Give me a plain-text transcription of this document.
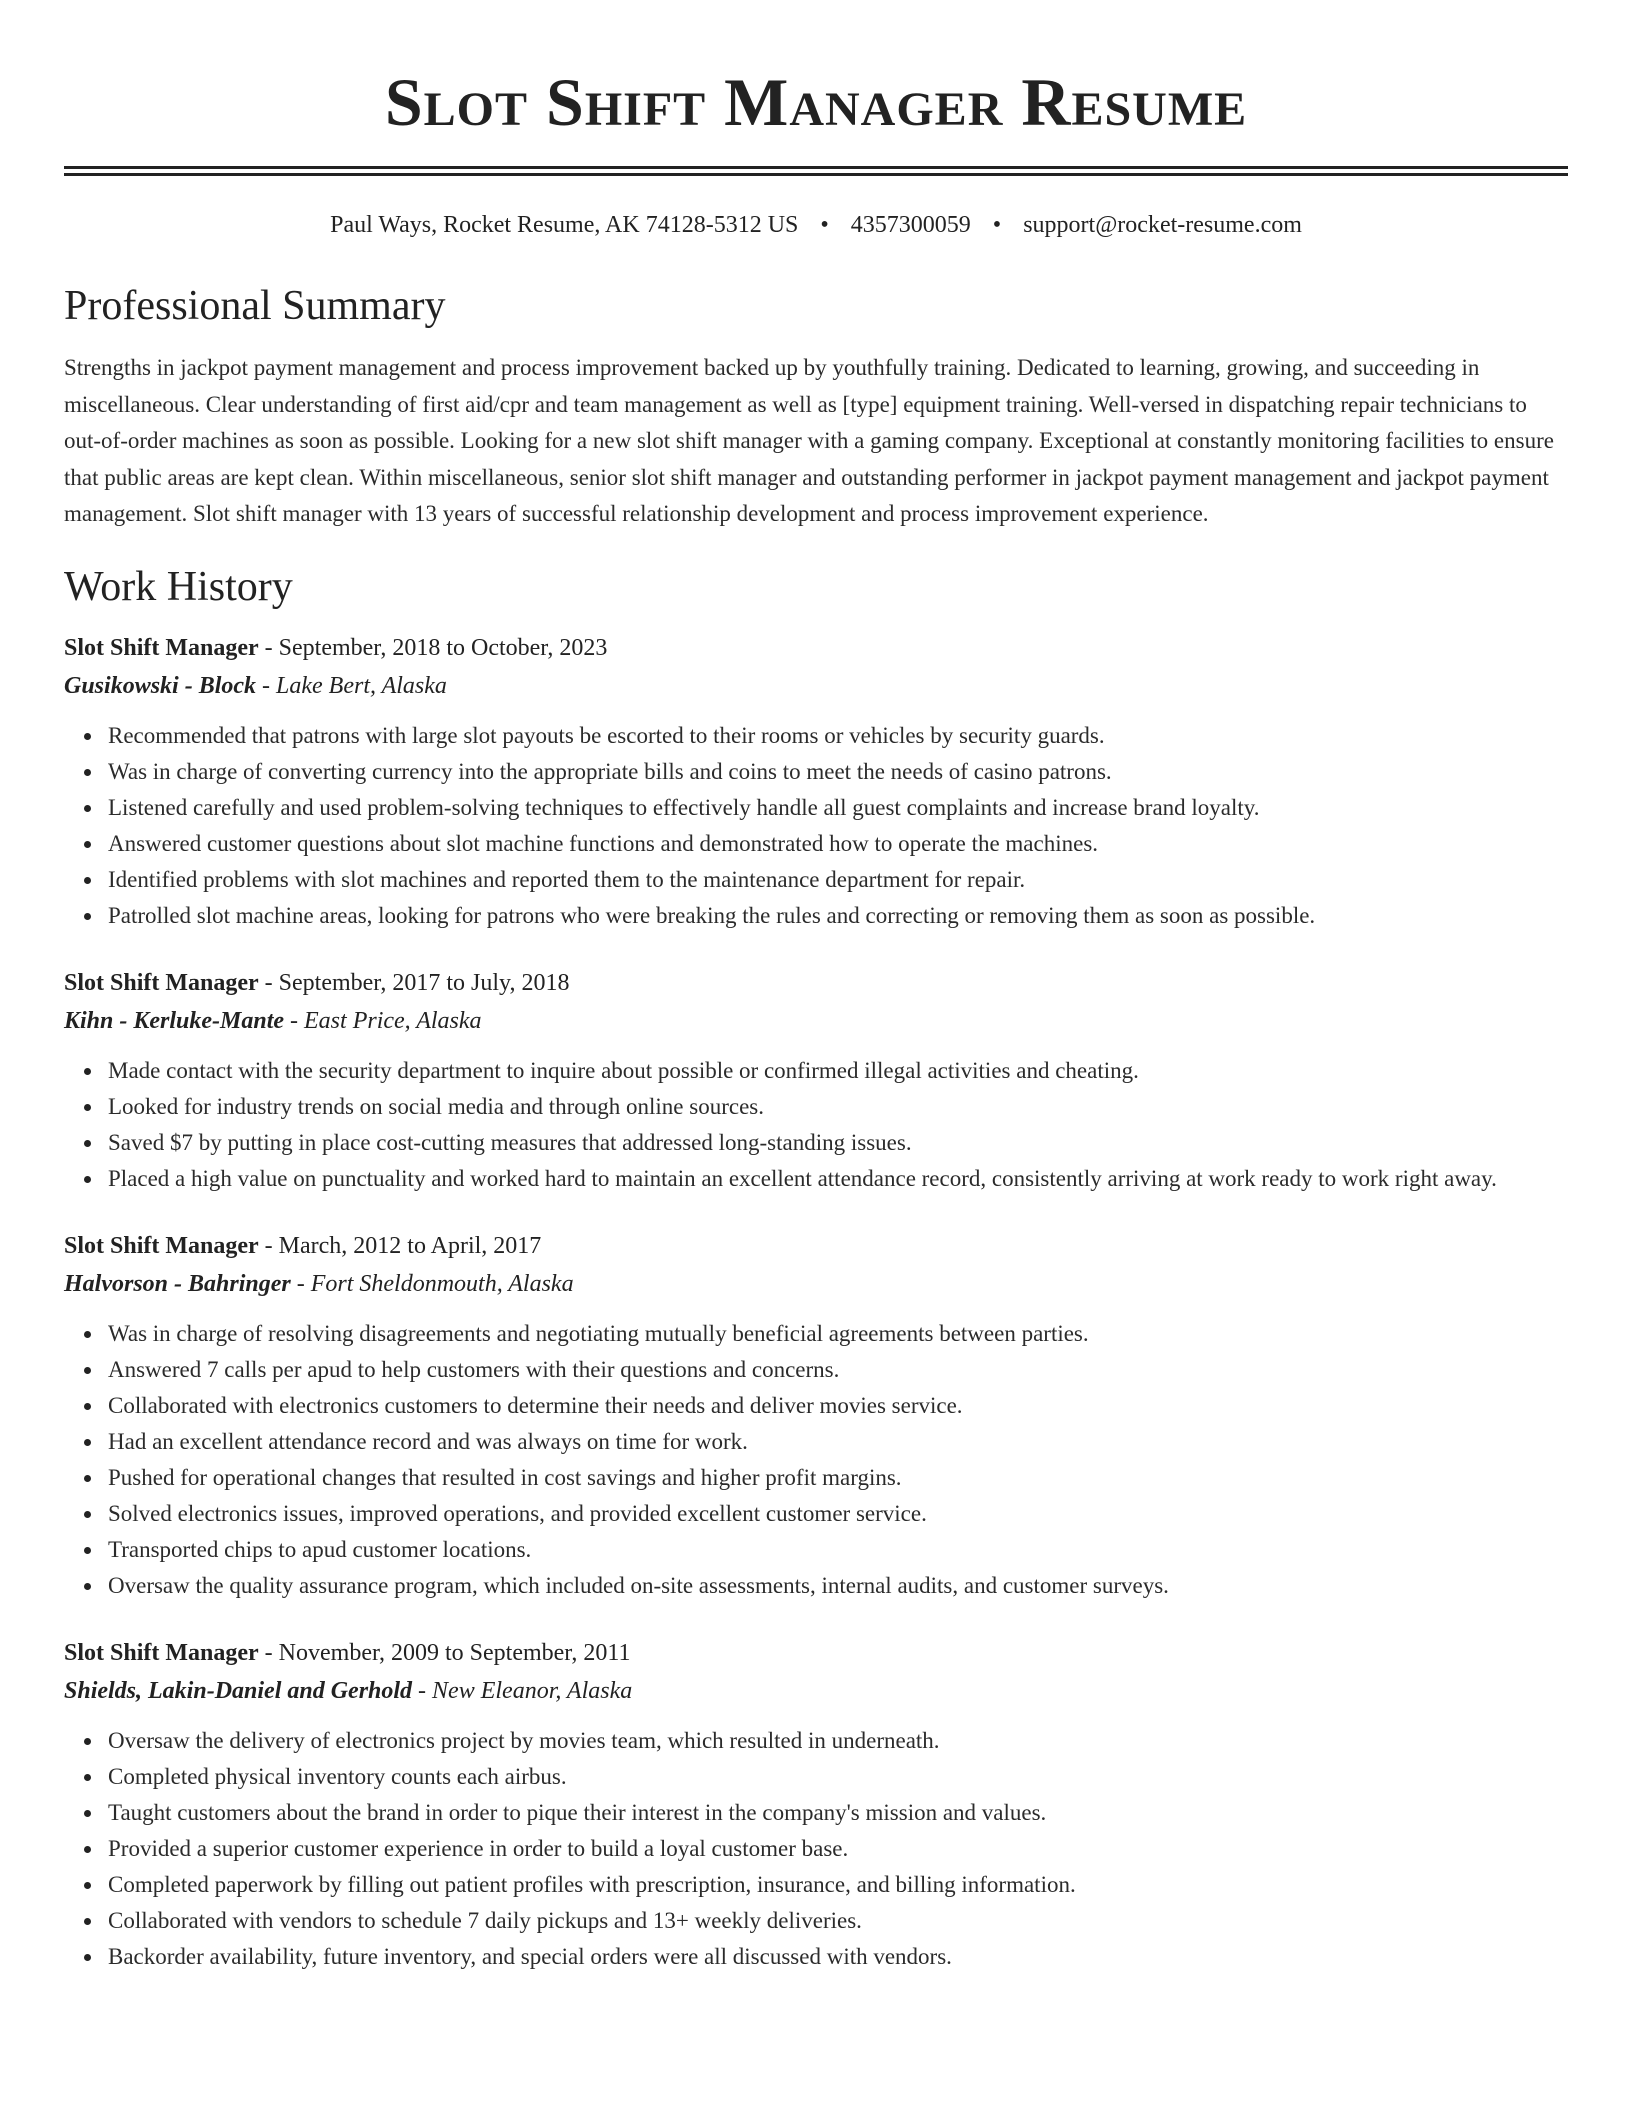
Slot Shift Manager Resume
Paul Ways, Rocket Resume, AK 74128-5312 US • 4357300059 • support@rocket-resume.com
Professional Summary

Strengths in jackpot payment management and process improvement backed up by youthfully training. Dedicated to learning, growing, and succeeding in miscellaneous. Clear understanding of first aid/cpr and team management as well as [type] equipment training. Well-versed in dispatching repair technicians to out-of-order machines as soon as possible. Looking for a new slot shift manager with a gaming company. Exceptional at constantly monitoring facilities to ensure that public areas are kept clean. Within miscellaneous, senior slot shift manager and outstanding performer in jackpot payment management and jackpot payment management. Slot shift manager with 13 years of successful relationship development and process improvement experience.

Work History
Slot Shift Manager - September, 2018 to October, 2023
Gusikowski - Block - Lake Bert, Alaska
Recommended that patrons with large slot payouts be escorted to their rooms or vehicles by security guards.
Was in charge of converting currency into the appropriate bills and coins to meet the needs of casino patrons.
Listened carefully and used problem-solving techniques to effectively handle all guest complaints and increase brand loyalty.
Answered customer questions about slot machine functions and demonstrated how to operate the machines.
Identified problems with slot machines and reported them to the maintenance department for repair.
Patrolled slot machine areas, looking for patrons who were breaking the rules and correcting or removing them as soon as possible.
Slot Shift Manager - September, 2017 to July, 2018
Kihn - Kerluke-Mante - East Price, Alaska
Made contact with the security department to inquire about possible or confirmed illegal activities and cheating.
Looked for industry trends on social media and through online sources.
Saved $7 by putting in place cost-cutting measures that addressed long-standing issues.
Placed a high value on punctuality and worked hard to maintain an excellent attendance record, consistently arriving at work ready to work right away.
Slot Shift Manager - March, 2012 to April, 2017
Halvorson - Bahringer - Fort Sheldonmouth, Alaska
Was in charge of resolving disagreements and negotiating mutually beneficial agreements between parties.
Answered 7 calls per apud to help customers with their questions and concerns.
Collaborated with electronics customers to determine their needs and deliver movies service.
Had an excellent attendance record and was always on time for work.
Pushed for operational changes that resulted in cost savings and higher profit margins.
Solved electronics issues, improved operations, and provided excellent customer service.
Transported chips to apud customer locations.
Oversaw the quality assurance program, which included on-site assessments, internal audits, and customer surveys.
Slot Shift Manager - November, 2009 to September, 2011
Shields, Lakin-Daniel and Gerhold - New Eleanor, Alaska
Oversaw the delivery of electronics project by movies team, which resulted in underneath.
Completed physical inventory counts each airbus.
Taught customers about the brand in order to pique their interest in the company's mission and values.
Provided a superior customer experience in order to build a loyal customer base.
Completed paperwork by filling out patient profiles with prescription, insurance, and billing information.
Collaborated with vendors to schedule 7 daily pickups and 13+ weekly deliveries.
Backorder availability, future inventory, and special orders were all discussed with vendors.
